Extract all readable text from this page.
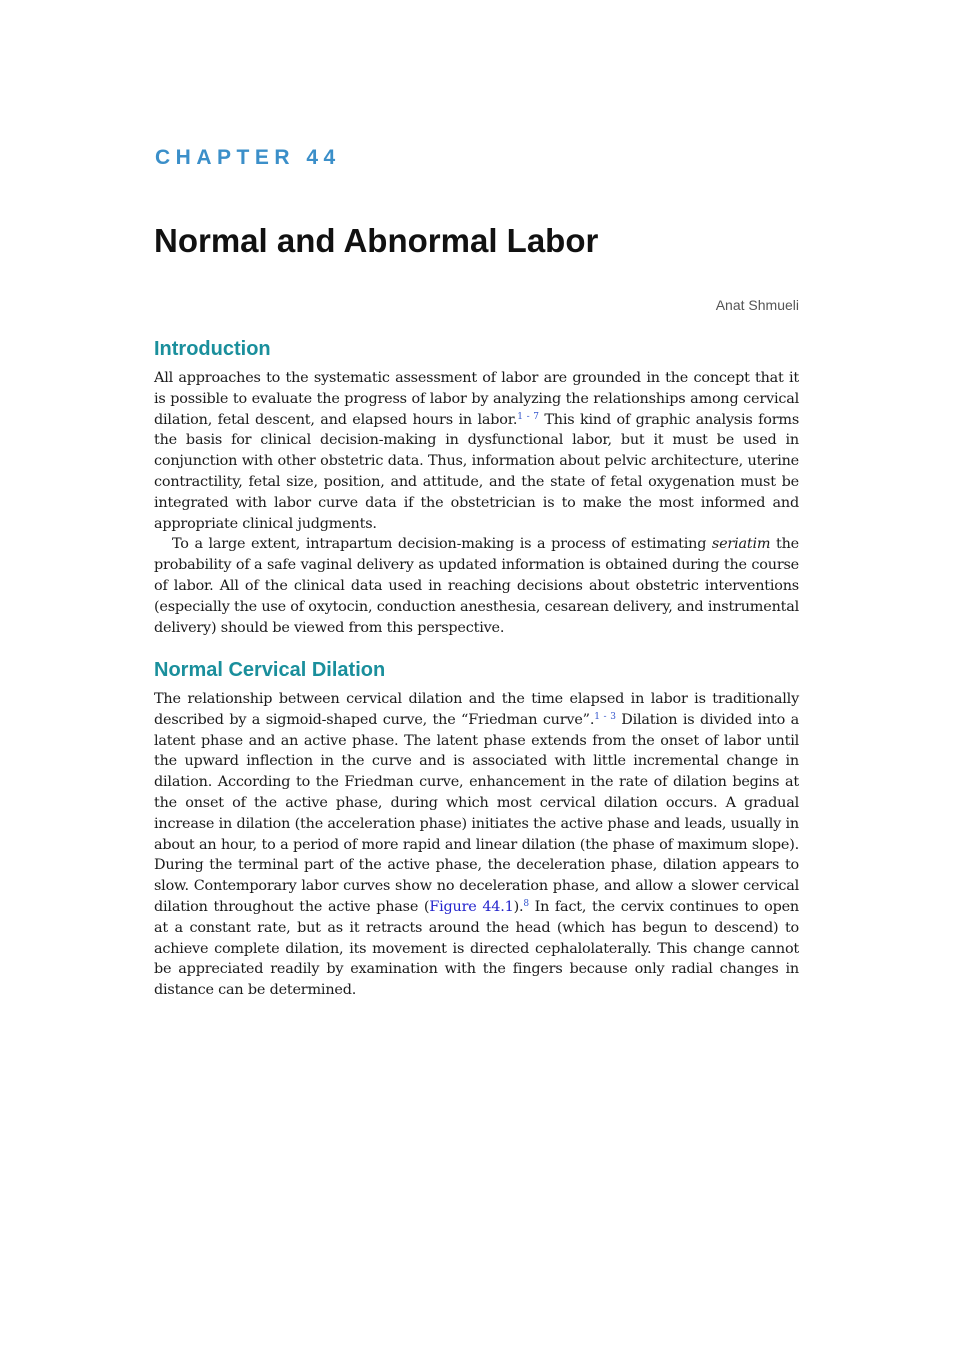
CHAPTER 44
Normal and Abnormal Labor
Anat Shmueli
Introduction

All approaches to the systematic assessment of labor are grounded in the concept that it is possible to evaluate the progress of labor by analyzing the relationships among cervical dilation, fetal descent, and elapsed hours in labor.$^{1 - 7}$ This kind of graphic analysis forms the basis for clinical decision-making in dysfunctional labor, but it must be used in conjunction with other obstetric data. Thus, information about pelvic architecture, uterine contractility, fetal size, position, and attitude, and the state of fetal oxygenation must be integrated with labor curve data if the obstetrician is to make the most informed and appropriate clinical judgments.

To a large extent, intrapartum decision-making is a process of estimating seriatim the probability of a safe vaginal delivery as updated information is obtained during the course of labor. All of the clinical data used in reaching decisions about obstetric interventions (especially the use of oxytocin, conduction anesthesia, cesarean delivery, and instrumental delivery) should be viewed from this perspective.

Normal Cervical Dilation

The relationship between cervical dilation and the time elapsed in labor is traditionally described by a sigmoid-shaped curve, the “Friedman curve”.$^{1 - 3}$ Dilation is divided into a latent phase and an active phase. The latent phase extends from the onset of labor until the upward inflection in the curve and is associated with little incremental change in dilation. According to the Friedman curve, enhancement in the rate of dilation begins at the onset of the active phase, during which most cervical dilation occurs. A gradual increase in dilation (the acceleration phase) initiates the active phase and leads, usually in about an hour, to a period of more rapid and linear dilation (the phase of maximum slope). During the terminal part of the active phase, the deceleration phase, dilation appears to slow. Contemporary labor curves show no deceleration phase, and allow a slower cervical dilation throughout the active phase (Figure 44.1).$^8$ In fact, the cervix continues to open at a constant rate, but as it retracts around the head (which has begun to descend) to achieve complete dilation, its movement is directed cephalolaterally. This change cannot be appreciated readily by examination with the fingers because only radial changes in distance can be determined.
